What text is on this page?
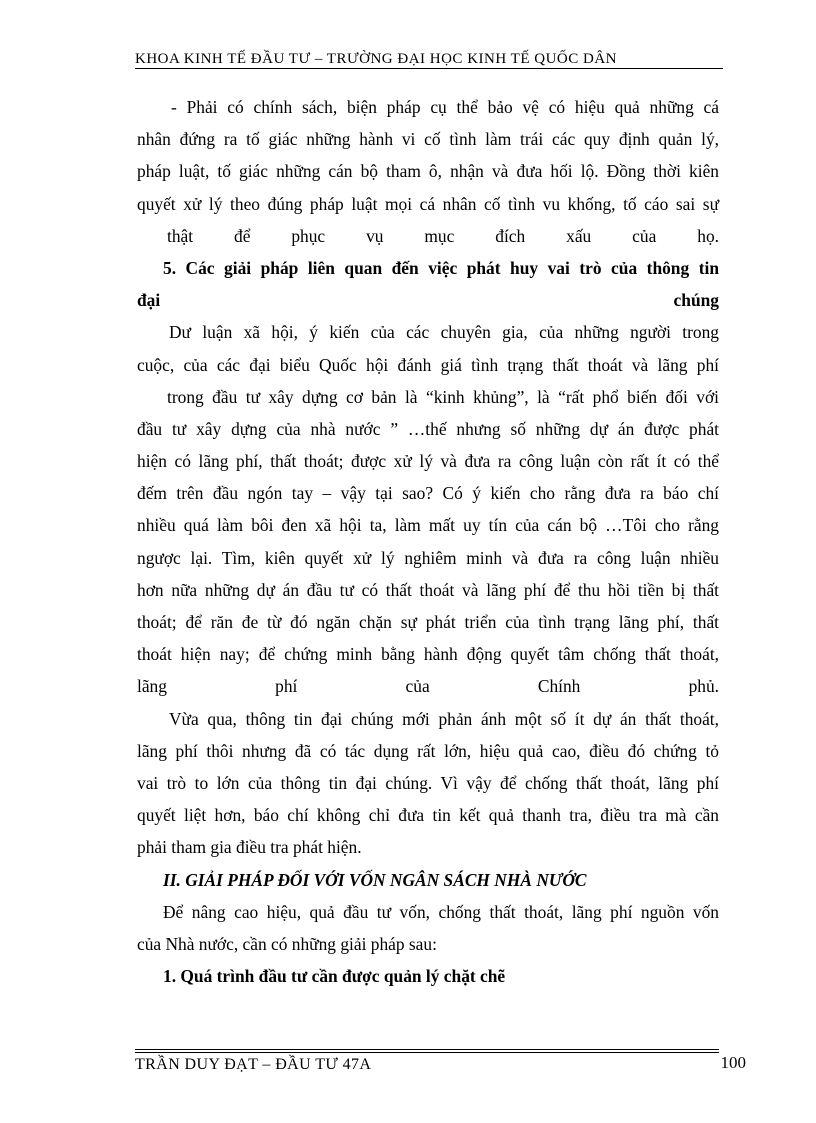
KHOA KINH TẾ ĐẦU TƯ – TRƯỜNG ĐẠI HỌC KINH TẾ QUỐC DÂN
- Phải có chính sách, biện pháp cụ thể bảo vệ có hiệu quả những cá
nhân đứng ra tố giác những hành vi cố tình làm trái các quy định quản lý,
pháp luật, tố giác những cán bộ tham ô, nhận và đưa hối lộ. Đồng thời kiên
quyết xử lý theo đúng pháp luật mọi cá nhân cố tình vu khống, tố cáo sai sự
thật để phục vụ mục đích xấu của họ.
5. Các giải pháp liên quan đến việc phát huy vai trò của thông tin
đại chúng
Dư luận xã hội, ý kiến của các chuyên gia, của những người trong
cuộc, của các đại biểu Quốc hội đánh giá tình trạng thất thoát và lãng phí
trong đầu tư xây dựng cơ bản là “kinh khủng”, là “rất phổ biến đối với
đầu tư xây dựng của nhà nước ” …thế nhưng số những dự án được phát
hiện có lãng phí, thất thoát; được xử lý và đưa ra công luận còn rất ít có thể
đếm trên đầu ngón tay – vậy tại sao? Có ý kiến cho rằng đưa ra báo chí
nhiều quá làm bôi đen xã hội ta, làm mất uy tín của cán bộ …Tôi cho rằng
ngược lại. Tìm, kiên quyết xử lý nghiêm minh và đưa ra công luận nhiều
hơn nữa những dự án đầu tư có thất thoát và lãng phí để thu hồi tiền bị thất
thoát; để răn đe từ đó ngăn chặn sự phát triển của tình trạng lãng phí, thất
thoát hiện nay; để chứng minh bằng hành động quyết tâm chống thất thoát,
lãng phí của Chính phủ.
Vừa qua, thông tin đại chúng mới phản ánh một số ít dự án thất thoát,
lãng phí thôi nhưng đã có tác dụng rất lớn, hiệu quả cao, điều đó chứng tỏ
vai trò to lớn của thông tin đại chúng. Vì vậy để chống thất thoát, lãng phí
quyết liệt hơn, báo chí không chỉ đưa tin kết quả thanh tra, điều tra mà cần
phải tham gia điều tra phát hiện.
II. GIẢI PHÁP ĐỐI VỚI VỐN NGÂN SÁCH NHÀ NƯỚC
Để nâng cao hiệu, quả đầu tư vốn, chống thất thoát, lãng phí nguồn vốn
của Nhà nước, cần có những giải pháp sau:
1. Quá trình đầu tư cần được quản lý chặt chẽ
TRẦN DUY ĐẠT – ĐẦU TƯ 47A	100
